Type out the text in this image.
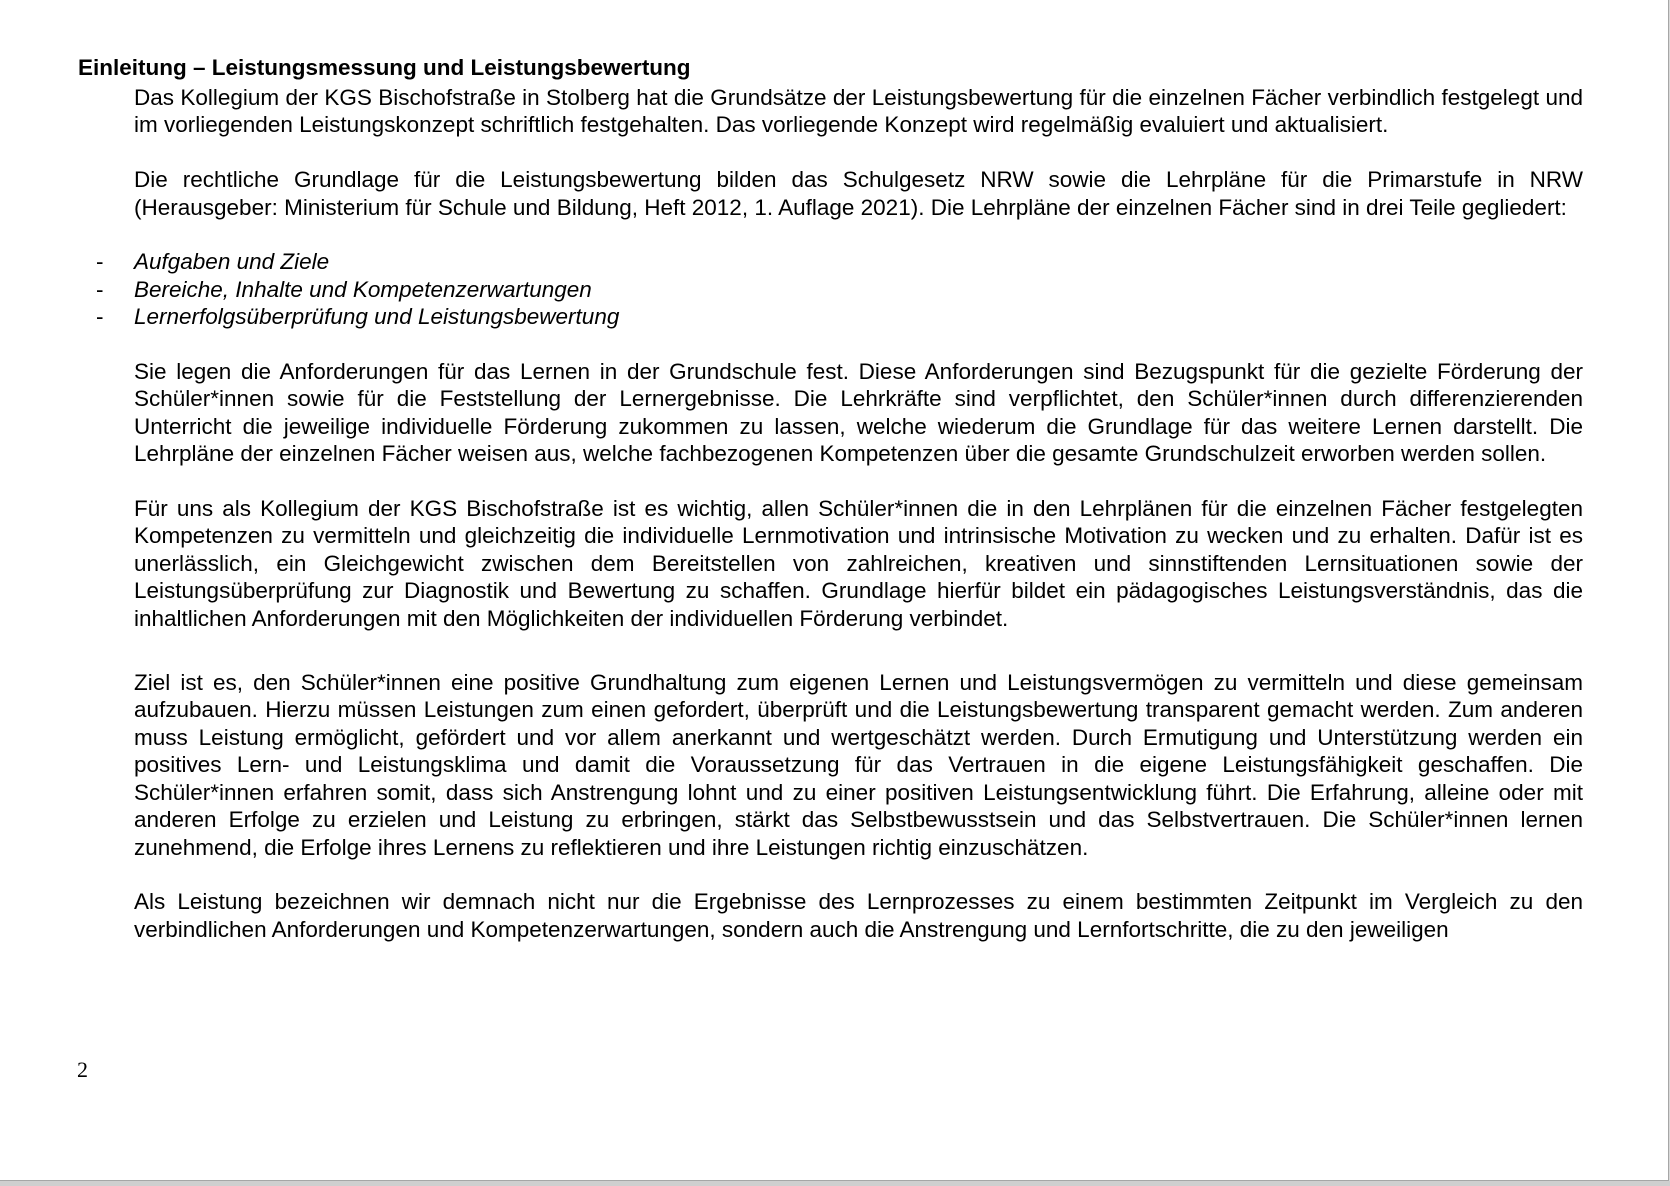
Einleitung – Leistungsmessung und Leistungsbewertung

Das Kollegium der KGS Bischofstraße in Stolberg hat die Grundsätze der Leistungsbewertung für die einzelnen Fächer verbindlich festgelegt und im vorliegenden Leistungskonzept schriftlich festgehalten. Das vorliegende Konzept wird regelmäßig evaluiert und aktualisiert.

Die rechtliche Grundlage für die Leistungsbewertung bilden das Schulgesetz NRW sowie die Lehrpläne für die Primarstufe in NRW (Herausgeber: Ministerium für Schule und Bildung, Heft 2012, 1. Auflage 2021). Die Lehrpläne der einzelnen Fächer sind in drei Teile gegliedert:

- Aufgaben und Ziele
- Bereiche, Inhalte und Kompetenzerwartungen
- Lernerfolgsüberprüfung und Leistungsbewertung

Sie legen die Anforderungen für das Lernen in der Grundschule fest. Diese Anforderungen sind Bezugspunkt für die gezielte Förderung der Schüler*innen sowie für die Feststellung der Lernergebnisse. Die Lehrkräfte sind verpflichtet, den Schüler*innen durch differenzierenden Unterricht die jeweilige individuelle Förderung zukommen zu lassen, welche wiederum die Grundlage für das weitere Lernen darstellt. Die Lehrpläne der einzelnen Fächer weisen aus, welche fachbezogenen Kompetenzen über die gesamte Grundschulzeit erworben werden sollen.

Für uns als Kollegium der KGS Bischofstraße ist es wichtig, allen Schüler*innen die in den Lehrplänen für die einzelnen Fächer festgelegten Kompetenzen zu vermitteln und gleichzeitig die individuelle Lernmotivation und intrinsische Motivation zu wecken und zu erhalten. Dafür ist es unerlässlich, ein Gleichgewicht zwischen dem Bereitstellen von zahlreichen, kreativen und sinnstiftenden Lernsituationen sowie der Leistungsüberprüfung zur Diagnostik und Bewertung zu schaffen. Grundlage hierfür bildet ein pädagogisches Leistungsverständnis, das die inhaltlichen Anforderungen mit den Möglichkeiten der individuellen Förderung verbindet.

Ziel ist es, den Schüler*innen eine positive Grundhaltung zum eigenen Lernen und Leistungsvermögen zu vermitteln und diese gemeinsam aufzubauen. Hierzu müssen Leistungen zum einen gefordert, überprüft und die Leistungsbewertung transparent gemacht werden. Zum anderen muss Leistung ermöglicht, gefördert und vor allem anerkannt und wertgeschätzt werden. Durch Ermutigung und Unterstützung werden ein positives Lern- und Leistungsklima und damit die Voraussetzung für das Vertrauen in die eigene Leistungsfähigkeit geschaffen. Die Schüler*innen erfahren somit, dass sich Anstrengung lohnt und zu einer positiven Leistungsentwicklung führt. Die Erfahrung, alleine oder mit anderen Erfolge zu erzielen und Leistung zu erbringen, stärkt das Selbstbewusstsein und das Selbstvertrauen. Die Schüler*innen lernen zunehmend, die Erfolge ihres Lernens zu reflektieren und ihre Leistungen richtig einzuschätzen.

Als Leistung bezeichnen wir demnach nicht nur die Ergebnisse des Lernprozesses zu einem bestimmten Zeitpunkt im Vergleich zu den verbindlichen Anforderungen und Kompetenzerwartungen, sondern auch die Anstrengung und Lernfortschritte, die zu den jeweiligen

2
